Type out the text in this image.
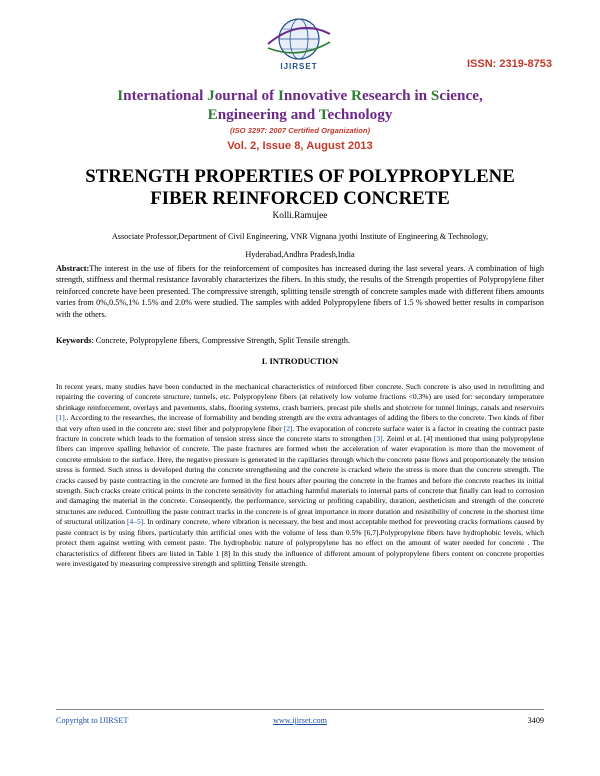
IJIRSET	ISSN: 2319-8753
International Journal of Innovative Research in Science,
Engineering and Technology
(ISO 3297: 2007 Certified Organization)
Vol. 2, Issue 8, August 2013
STRENGTH PROPERTIES OF POLYPROPYLENE
FIBER REINFORCED CONCRETE
Kolli.Ramujee
Associate Professor,Department of Civil Engineering, VNR Vignana jyothi Institute of Engineering & Technology,
Hyderabad,Andhra Pradesh,India
Abstract:The interest in the use of fibers for the reinforcement of composites has increased during the last several years. A combination of high strength, stiffness and thermal resistance favorably characterizes the fibers. In this study, the results of the Strength properties of Polypropylene fiber reinforced concrete have been presented. The compressive strength, splitting tensile strength of concrete samples made with different fibers amounts varies from 0%,0.5%,1% 1.5% and 2.0% were studied. The samples with added Polypropylene fibers of 1.5 % showed better results in comparison with the others.
Keywords: Concrete, Polypropylene fibers, Compressive Strength, Split Tensile strength.
I. INTRODUCTION
In recent years, many studies have been conducted in the mechanical characteristics of reinforced fiber concrete. Such concrete is also used in retrofitting and repairing the covering of concrete structure, tunnels, etc. Polypropylene fibers (at relatively low volume fractions <0.3%) are used for: secondary temperature shrinkage reinforcement, overlays and pavements, slabs, flooring systems, crash barriers, precast pile shells and shotcrete for tunnel linings, canals and reservoirs [1].. According to the researches, the increase of formability and bending strength are the extra advantages of adding the fibers to the concrete. Two kinds of fiber that very often used in the concrete are: steel fiber and polypropylene fiber [2]. The evaporation of concrete surface water is a factor in creating the contract paste fracture in concrete which leads to the formation of tension stress since the concrete starts to strengthen [3]. Zeiml et al. [4] mentioned that using polypropylene fibers can improve spalling behavior of concrete. The paste fractures are formed when the acceleration of water evaporation is more than the movement of concrete emulsion to the surface. Here, the negative pressure is generated in the capillaries through which the concrete paste flows and proportionately the tension stress is formed. Such stress is developed during the concrete strengthening and the concrete is cracked where the stress is more than the concrete strength. The cracks caused by paste contracting in the concrete are formed in the first hours after pouring the concrete in the frames and before the concrete reaches its initial strength. Such cracks create critical points in the concrete sensitivity for attaching harmful materials to internal parts of concrete that finally can lead to corrosion and damaging the material in the concrete. Consequently, the performance, servicing or profiting capability, duration, aestheticism and strength of the concrete structures are reduced. Controlling the paste contract tracks in the concrete is of great importance in more duration and resistibility of concrete in the shortest time of structural utilization [4–5]. In ordinary concrete, where vibration is necessary, the best and most acceptable method for preventing cracks formations caused by paste contract is by using fibers, particularly thin artificial ones with the volume of less than 0.5% [6,7].Polypropylene fibers have hydrophobic levels, which protect them against wetting with cement paste. The hydrophobic nature of polypropylene has no effect on the amount of water needed for concrete . The characteristics of different fibers are listed in Table 1 [8] In this study the influence of different amount of polypropylene fibers content on concrete properties were investigated by measuring compressive strength and splitting Tensile strength.
Copyright to IJIRSET	www.ijirset.com	3409
